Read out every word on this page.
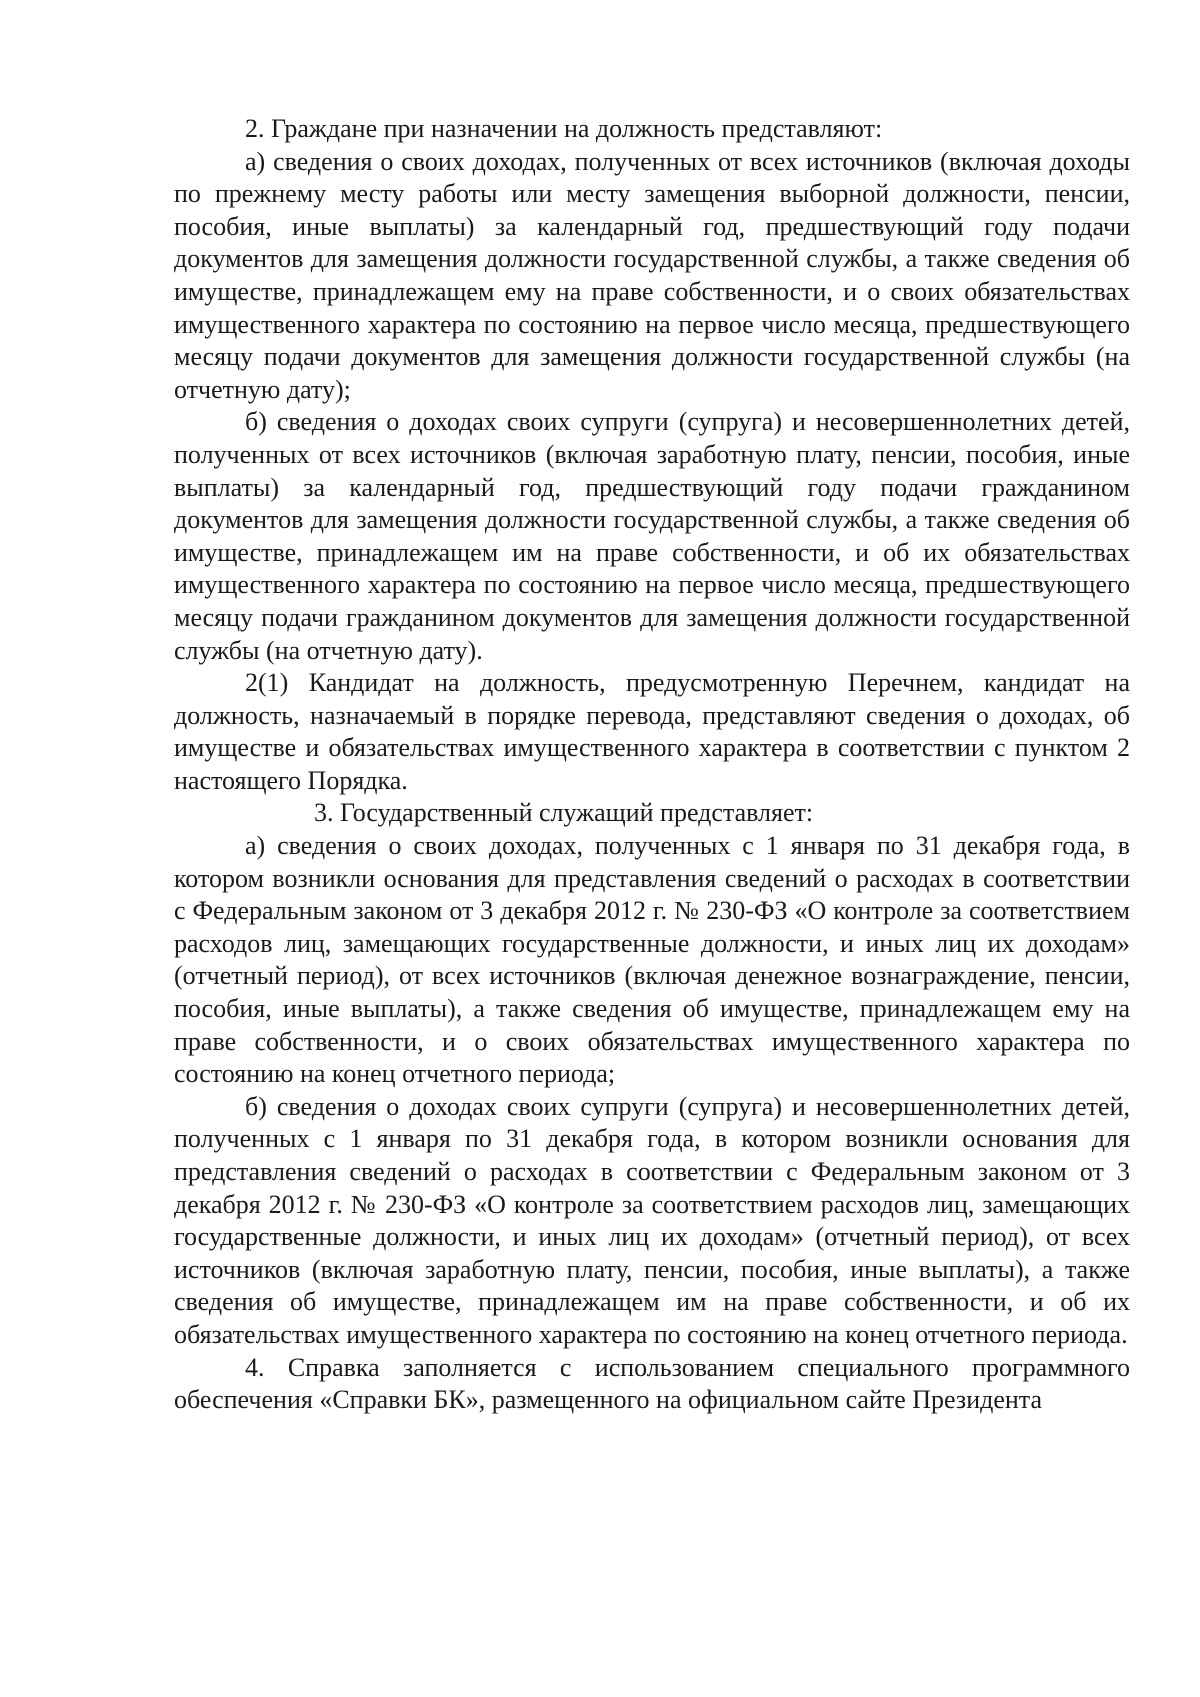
2. Граждане при назначении на должность представляют:

а) сведения о своих доходах, полученных от всех источников (включая доходы по прежнему месту работы или месту замещения выборной должности, пенсии, пособия, иные выплаты) за календарный год, предшествующий году подачи документов для замещения должности государственной службы, а также сведения об имуществе, принадлежащем ему на праве собственности, и о своих обязательствах имущественного характера по состоянию на первое число месяца, предшествующего месяцу подачи документов для замещения должности государственной службы (на отчетную дату);

б) сведения о доходах своих супруги (супруга) и несовершеннолетних детей, полученных от всех источников (включая заработную плату, пенсии, пособия, иные выплаты) за календарный год, предшествующий году подачи гражданином документов для замещения должности государственной службы, а также сведения об имуществе, принадлежащем им на праве собственности, и об их обязательствах имущественного характера по состоянию на первое число месяца, предшествующего месяцу подачи гражданином документов для замещения должности государственной службы (на отчетную дату).

2(1) Кандидат на должность, предусмотренную Перечнем, кандидат на должность, назначаемый в порядке перевода, представляют сведения о доходах, об имуществе и обязательствах имущественного характера в соответствии с пунктом 2 настоящего Порядка.

3. Государственный служащий представляет:

а) сведения о своих доходах, полученных с 1 января по 31 декабря года, в котором возникли основания для представления сведений о расходах в соответствии с Федеральным законом от 3 декабря 2012 г. № 230-ФЗ «О контроле за соответствием расходов лиц, замещающих государственные должности, и иных лиц их доходам» (отчетный период), от всех источников (включая денежное вознаграждение, пенсии, пособия, иные выплаты), а также сведения об имуществе, принадлежащем ему на праве собственности, и о своих обязательствах имущественного характера по состоянию на конец отчетного периода;

б) сведения о доходах своих супруги (супруга) и несовершеннолетних детей, полученных с 1 января по 31 декабря года, в котором возникли основания для представления сведений о расходах в соответствии с Федеральным законом от 3 декабря 2012 г. № 230-ФЗ «О контроле за соответствием расходов лиц, замещающих государственные должности, и иных лиц их доходам» (отчетный период), от всех источников (включая заработную плату, пенсии, пособия, иные выплаты), а также сведения об имуществе, принадлежащем им на праве собственности, и об их обязательствах имущественного характера по состоянию на конец отчетного периода.

4. Справка заполняется с использованием специального программного обеспечения «Справки БК», размещенного на официальном сайте Президента
